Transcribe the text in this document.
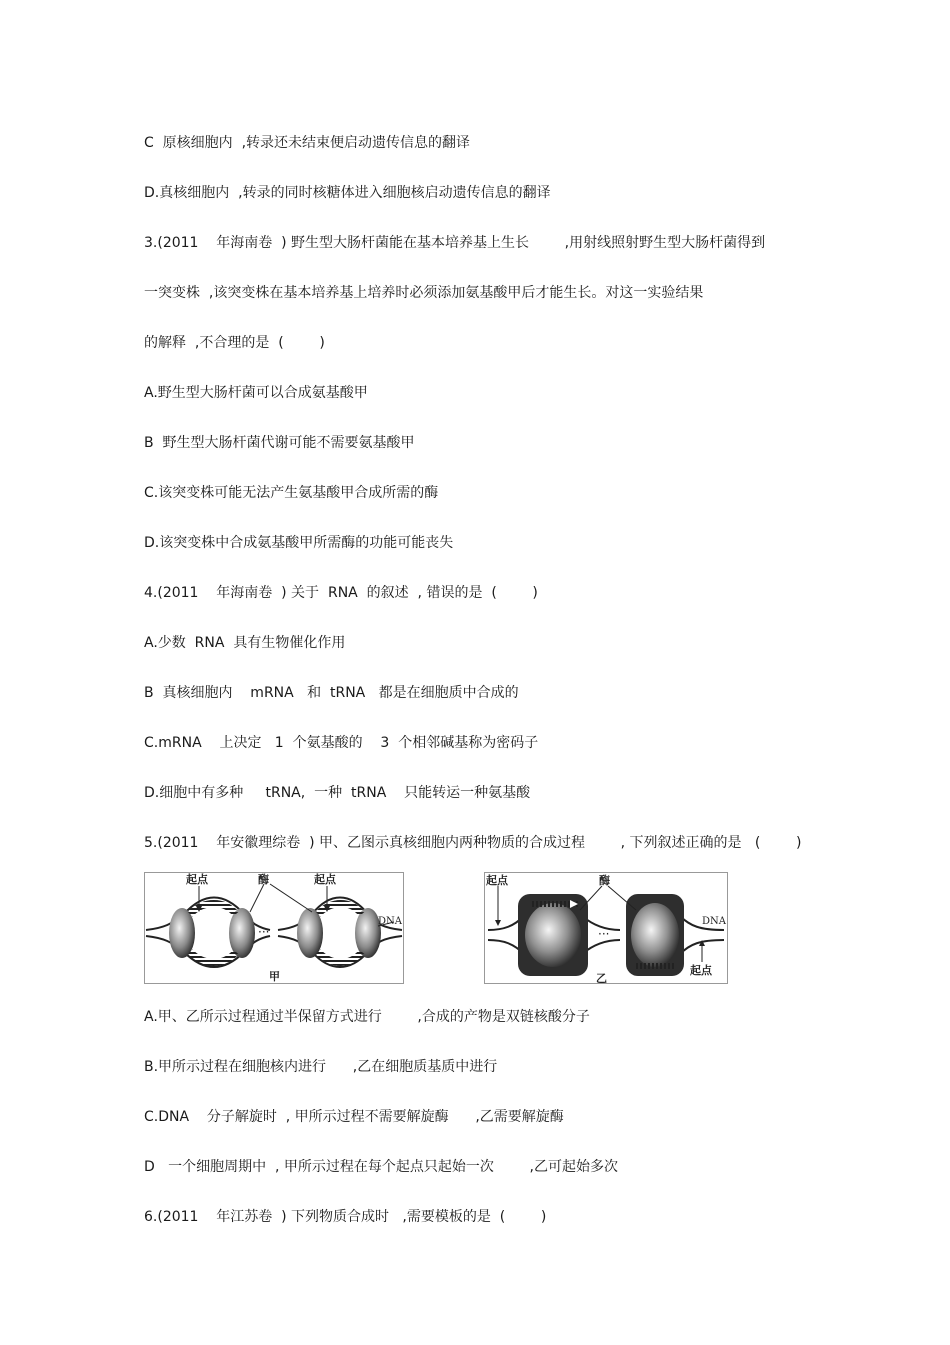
C  原核细胞内  ,转录还未结束便启动遗传信息的翻译
D.真核细胞内  ,转录的同时核糖体进入细胞核启动遗传信息的翻译
3.(2011    年海南卷  ) 野生型大肠杆菌能在基本培养基上生长        ,用射线照射野生型大肠杆菌得到
一突变株  ,该突变株在基本培养基上培养时必须添加氨基酸甲后才能生长。对这一实验结果
的解释  ,不合理的是  (        )
A.野生型大肠杆菌可以合成氨基酸甲
B  野生型大肠杆菌代谢可能不需要氨基酸甲
C.该突变株可能无法产生氨基酸甲合成所需的酶
D.该突变株中合成氨基酸甲所需酶的功能可能丧失
4.(2011    年海南卷  ) 关于  RNA  的叙述  , 错误的是  (        )
A.少数  RNA  具有生物催化作用
B  真核细胞内    mRNA   和  tRNA   都是在细胞质中合成的
C.mRNA    上决定   1  个氨基酸的    3  个相邻碱基称为密码子
D.细胞中有多种     tRNA,  一种  tRNA    只能转运一种氨基酸
5.(2011    年安徽理综卷  ) 甲、乙图示真核细胞内两种物质的合成过程        , 下列叙述正确的是   (        )
A.甲、乙所示过程通过半保留方式进行        ,合成的产物是双链核酸分子
B.甲所示过程在细胞核内进行      ,乙在细胞质基质中进行
C.DNA    分子解旋时  , 甲所示过程不需要解旋酶      ,乙需要解旋酶
D   一个细胞周期中  , 甲所示过程在每个起点只起始一次        ,乙可起始多次
6.(2011    年江苏卷  ) 下列物质合成时   ,需要模板的是  (        )
···
起点	酶	起点
DNA
甲
···
起点	酶
DNA
起点
乙
